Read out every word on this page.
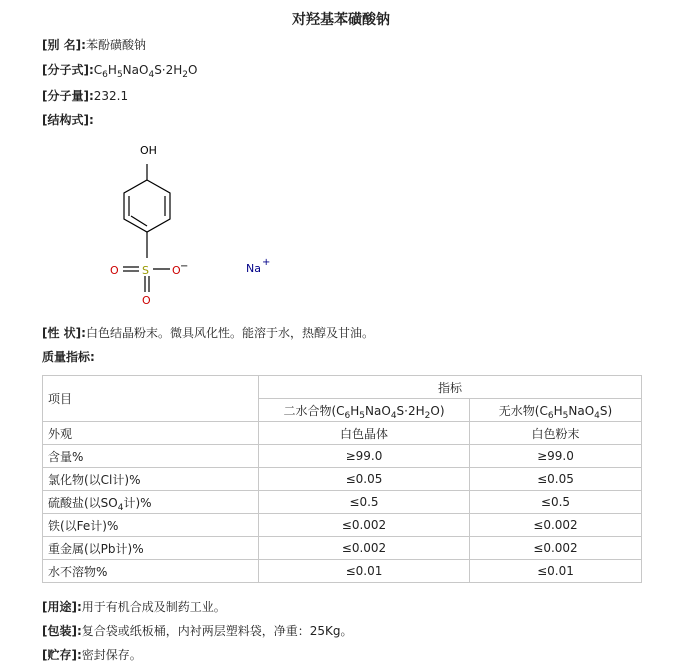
对羟基苯磺酸钠
[别 名]:苯酚磺酸钠
[分子式]$:C_6H_5NaO_4S\cdot 2H_2O$
[分子量]:232.1
[结构式]:
OH
O S O −
O
Na +
[性 状]:白色结晶粉末。微具风化性。能溶于水，热醇及甘油。
质量指标:
项目	指标	
	二水合物$(C_6H_5NaO_4S\cdot 2H_2O)$	无水物$(C_6H_5NaO_4S)$
外观	白色晶体	白色粉末
含量%	≥99.0	≥99.0
氯化物(以Cl计)%	≤0.05	≤0.05
硫酸盐(以$SO_4$计)%	≤0.5	≤0.5
铁(以Fe计)%	≤0.002	≤0.002
重金属(以Pb计)%	≤0.002	≤0.002
水不溶物%	≤0.01	≤0.01
[用途]:用于有机合成及制药工业。
[包装]:复合袋或纸板桶，内衬两层塑料袋，净重：25Kg。
[贮存]:密封保存。
